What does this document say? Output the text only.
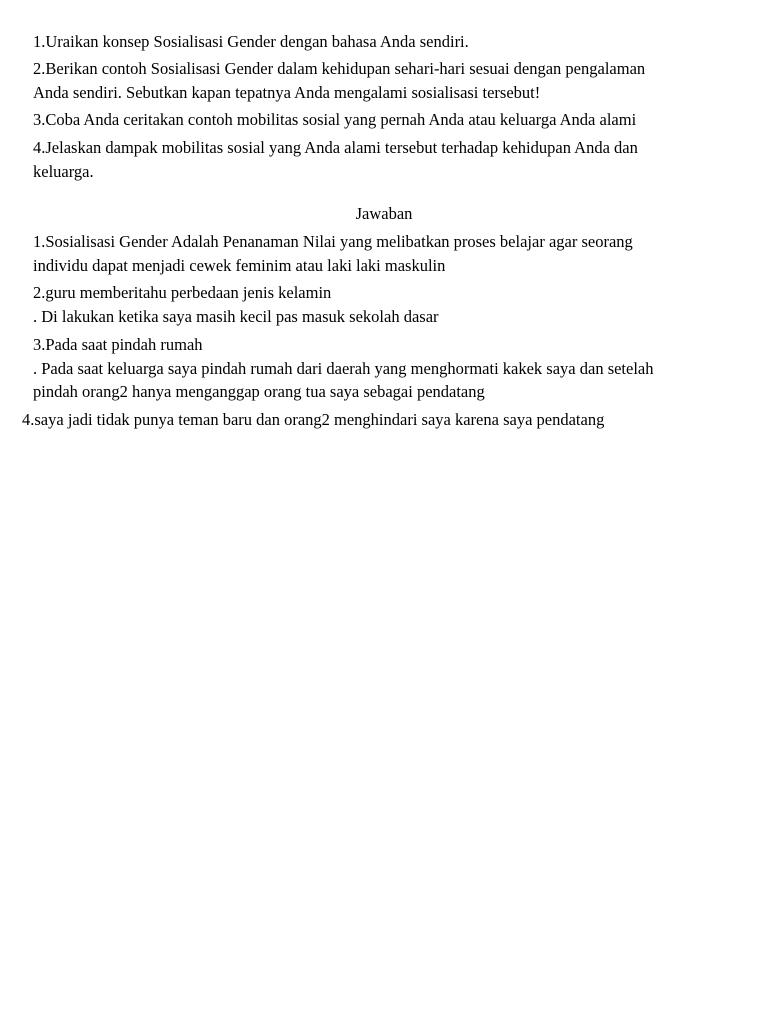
1.Uraikan konsep Sosialisasi Gender dengan bahasa Anda sendiri.
2.Berikan contoh Sosialisasi Gender dalam kehidupan sehari-hari sesuai dengan pengalaman
Anda sendiri. Sebutkan kapan tepatnya Anda mengalami sosialisasi tersebut!
3.Coba Anda ceritakan contoh mobilitas sosial yang pernah Anda atau keluarga Anda alami
4.Jelaskan dampak mobilitas sosial yang Anda alami tersebut terhadap kehidupan Anda dan
keluarga.
Jawaban
1.Sosialisasi Gender Adalah Penanaman Nilai yang melibatkan proses belajar agar seorang
individu dapat menjadi cewek feminim atau laki laki maskulin
2.guru memberitahu perbedaan jenis kelamin
. Di lakukan ketika saya masih kecil pas masuk sekolah dasar
3.Pada saat pindah rumah
. Pada saat keluarga saya pindah rumah dari daerah yang menghormati kakek saya dan setelah
pindah orang2 hanya menganggap orang tua saya sebagai pendatang
4.saya jadi tidak punya teman baru dan orang2 menghindari saya karena saya pendatang
